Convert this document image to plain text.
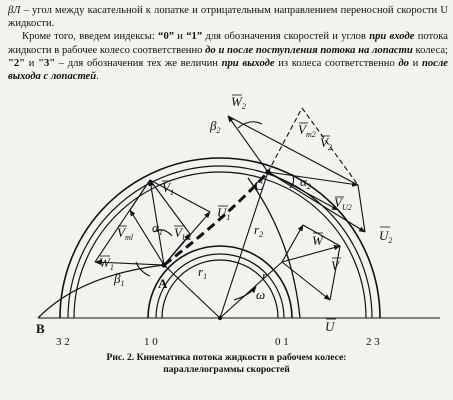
βЛ – угол между касательной к лопатке и отрицательным направлением переносной скорости U жидкости.

Кроме того, введем индексы: “0” и “1” для обозначения скоростей и углов при входе потока жидкости в рабочее колесо соответственно до и после поступления потока на лопасти колеса; "2" и "3" – для обозначения тех же величин при выходе из колеса соответственно до и после выхода с лопастей.

$W_2$
$\beta_2$	$V_{m2}$
$V_2$
$\alpha_2$
$V_{U2}$
$U_2$
C
$r_2$
$V_1$
$U_1$
$V_{ml}$
$\alpha_1$ $V_{U1}$
$W_1$
$\beta_1$	A
$r_1$	r
ω
W
V
U
B
3 2	1 0	0 1	2 3
Рис. 2. Кинематика потока жидкости в рабочем колесе:
параллелограммы скоростей
